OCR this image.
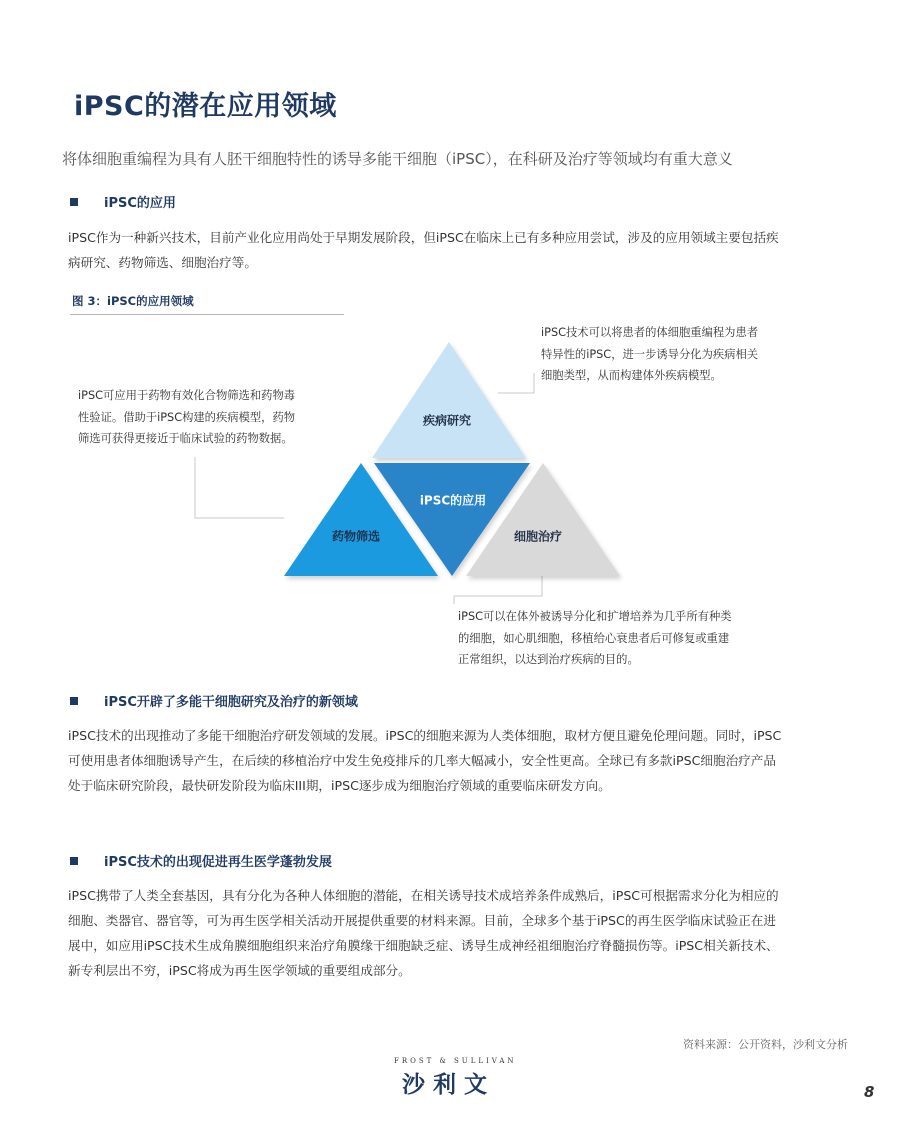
iPSC的潜在应用领域
将体细胞重编程为具有人胚干细胞特性的诱导多能干细胞（iPSC），在科研及治疗等领域均有重大意义
iPSC的应用

iPSC作为一种新兴技术，目前产业化应用尚处于早期发展阶段，但iPSC在临床上已有多种应用尝试，涉及的应用领域主要包括疾

病研究、药物筛选、细胞治疗等。

图 3：iPSC的应用领域
疾病研究
药物筛选
iPSC的应用
细胞治疗

iPSC技术可以将患者的体细胞重编程为患者

特异性的iPSC，进一步诱导分化为疾病相关

细胞类型，从而构建体外疾病模型。

iPSC可应用于药物有效化合物筛选和药物毒

性验证。借助于iPSC构建的疾病模型，药物

筛选可获得更接近于临床试验的药物数据。

iPSC可以在体外被诱导分化和扩增培养为几乎所有种类

的细胞，如心肌细胞，移植给心衰患者后可修复或重建

正常组织，以达到治疗疾病的目的。

iPSC开辟了多能干细胞研究及治疗的新领域

iPSC技术的出现推动了多能干细胞治疗研发领域的发展。iPSC的细胞来源为人类体细胞，取材方便且避免伦理问题。同时，iPSC

可使用患者体细胞诱导产生，在后续的移植治疗中发生免疫排斥的几率大幅减小，安全性更高。全球已有多款iPSC细胞治疗产品

处于临床研究阶段，最快研发阶段为临床III期，iPSC逐步成为细胞治疗领域的重要临床研发方向。

iPSC技术的出现促进再生医学蓬勃发展

iPSC携带了人类全套基因，具有分化为各种人体细胞的潜能，在相关诱导技术成培养条件成熟后，iPSC可根据需求分化为相应的

细胞、类器官、器官等，可为再生医学相关活动开展提供重要的材料来源。目前，全球多个基于iPSC的再生医学临床试验正在进

展中，如应用iPSC技术生成角膜细胞组织来治疗角膜缘干细胞缺乏症、诱导生成神经祖细胞治疗脊髓损伤等。iPSC相关新技术、

新专利层出不穷，iPSC将成为再生医学领域的重要组成部分。

资料来源：公开资料，沙利文分析
FROST & SULLIVAN
沙利文	8
